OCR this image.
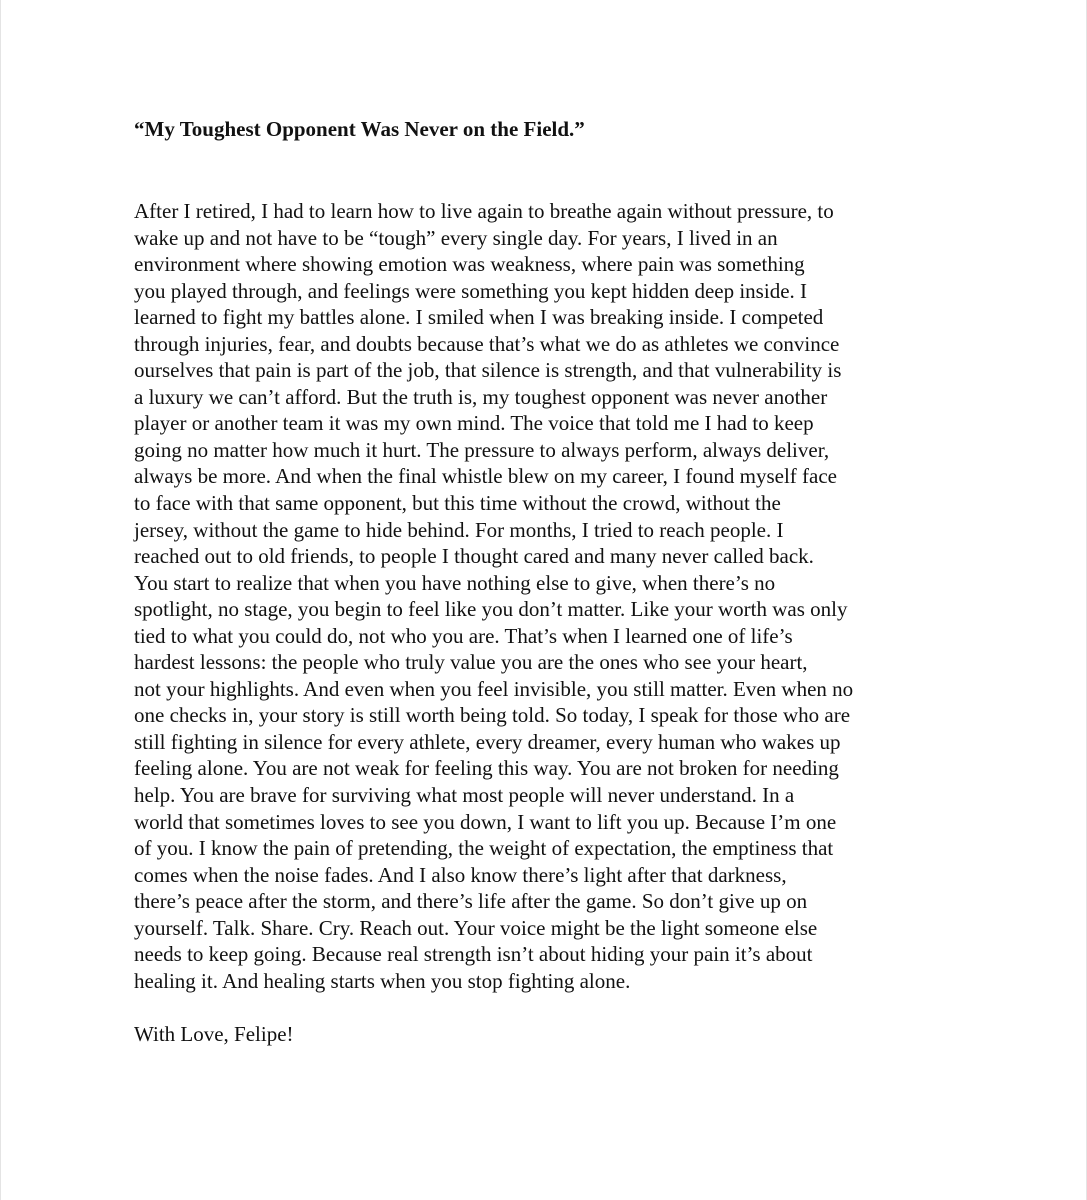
“My Toughest Opponent Was Never on the Field.”
After I retired, I had to learn how to live again to breathe again without pressure, to
wake up and not have to be “tough” every single day. For years, I lived in an
environment where showing emotion was weakness, where pain was something
you played through, and feelings were something you kept hidden deep inside. I
learned to fight my battles alone. I smiled when I was breaking inside. I competed
through injuries, fear, and doubts because that’s what we do as athletes we convince
ourselves that pain is part of the job, that silence is strength, and that vulnerability is
a luxury we can’t afford. But the truth is, my toughest opponent was never another
player or another team it was my own mind. The voice that told me I had to keep
going no matter how much it hurt. The pressure to always perform, always deliver,
always be more. And when the final whistle blew on my career, I found myself face
to face with that same opponent, but this time without the crowd, without the
jersey, without the game to hide behind. For months, I tried to reach people. I
reached out to old friends, to people I thought cared and many never called back.
You start to realize that when you have nothing else to give, when there’s no
spotlight, no stage, you begin to feel like you don’t matter. Like your worth was only
tied to what you could do, not who you are. That’s when I learned one of life’s
hardest lessons: the people who truly value you are the ones who see your heart,
not your highlights. And even when you feel invisible, you still matter. Even when no
one checks in, your story is still worth being told. So today, I speak for those who are
still fighting in silence for every athlete, every dreamer, every human who wakes up
feeling alone. You are not weak for feeling this way. You are not broken for needing
help. You are brave for surviving what most people will never understand. In a
world that sometimes loves to see you down, I want to lift you up. Because I’m one
of you. I know the pain of pretending, the weight of expectation, the emptiness that
comes when the noise fades. And I also know there’s light after that darkness,
there’s peace after the storm, and there’s life after the game. So don’t give up on
yourself. Talk. Share. Cry. Reach out. Your voice might be the light someone else
needs to keep going. Because real strength isn’t about hiding your pain it’s about
healing it. And healing starts when you stop fighting alone.
With Love, Felipe!
